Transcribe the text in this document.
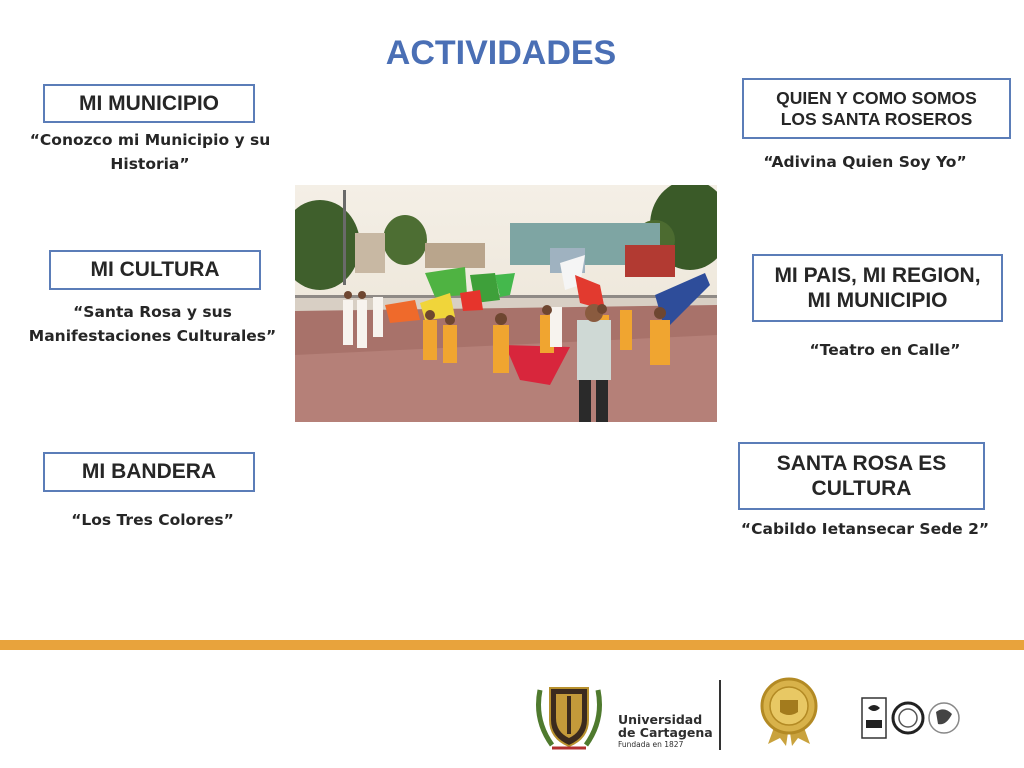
ACTIVIDADES
MI MUNICIPIO
“Conozco mi Municipio y su
Historia”
MI CULTURA
“Santa Rosa y sus
Manifestaciones Culturales”
MI BANDERA
“Los Tres Colores”
QUIEN Y COMO SOMOS
LOS SANTA ROSEROS
“Adivina Quien Soy Yo”
MI PAIS, MI REGION,
MI MUNICIPIO
“Teatro en Calle”
SANTA ROSA ES
CULTURA
“Cabildo Ietansecar Sede 2”
Universidad
de Cartagena
Fundada en 1827
